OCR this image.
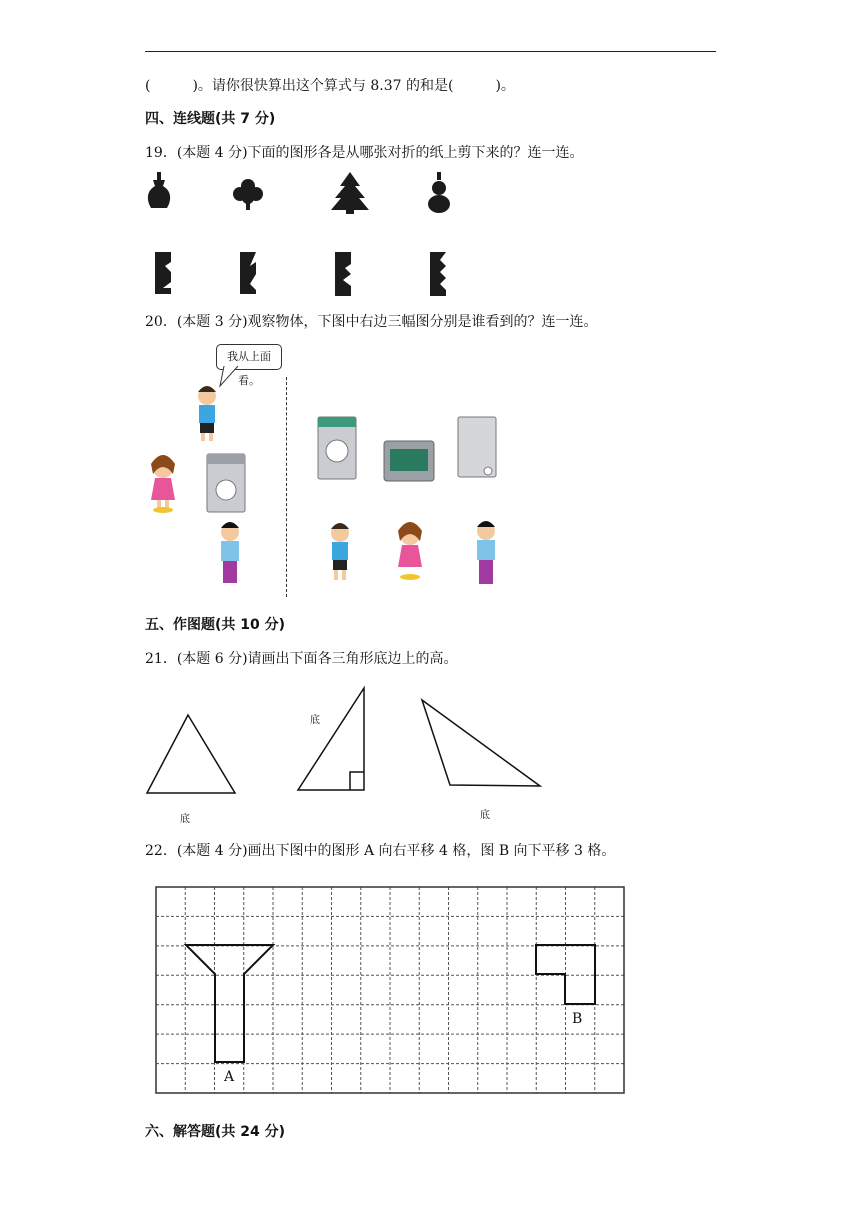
(　　　)。请你很快算出这个算式与 8.37 的和是(　　　)。
四、连线题(共 7 分)
19．(本题 4 分)下面的图形各是从哪张对折的纸上剪下来的？连一连。
20．(本题 3 分)观察物体，下图中右边三幅图分别是谁看到的？连一连。
我从上面看。
五、作图题(共 10 分)
21．(本题 6 分)请画出下面各三角形底边上的高。
底
底
底
22．(本题 4 分)画出下图中的图形 A 向右平移 4 格，图 B 向下平移 3 格。
A
B
六、解答题(共 24 分)
